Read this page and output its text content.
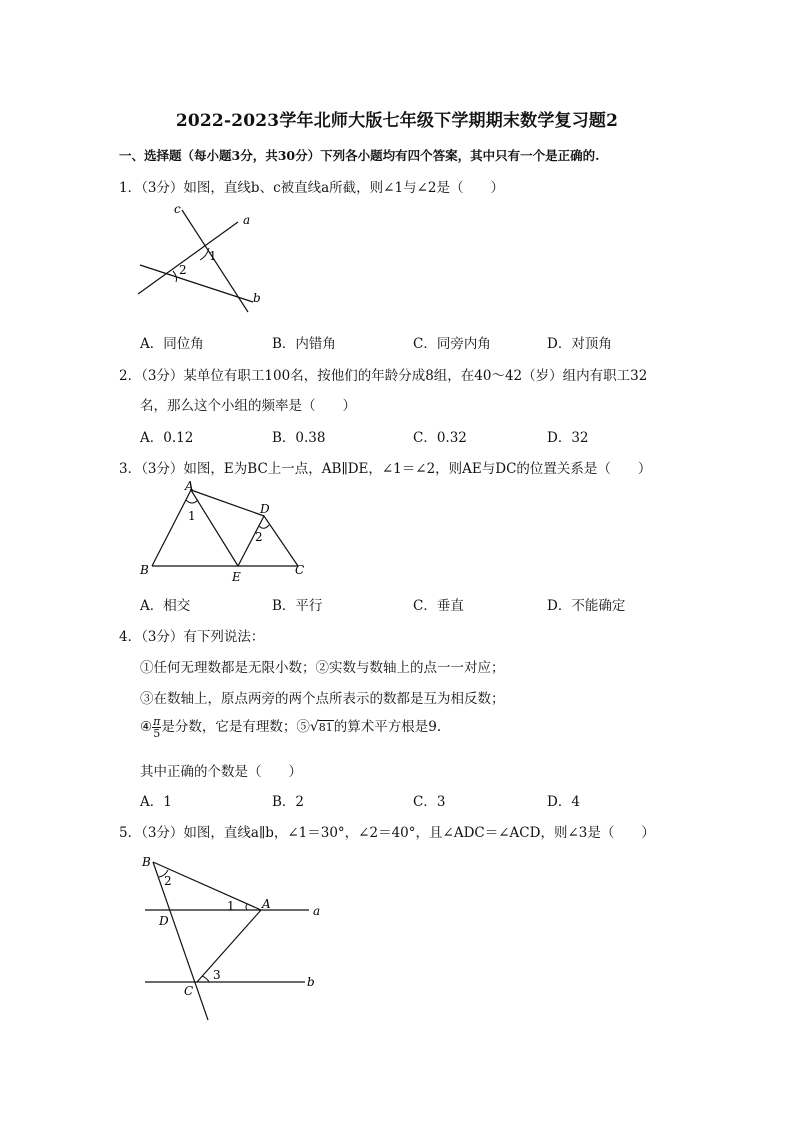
2022-2023学年北师大版七年级下学期期末数学复习题2
一、选择题（每小题3分，共30分）下列各小题均有四个答案，其中只有一个是正确的.
1．（3分）如图，直线b、c被直线a所截，则∠1与∠2是（　　）
c
a
b
1
2
A．同位角	B．内错角	C．同旁内角	D．对顶角
2．（3分）某单位有职工100名，按他们的年龄分成8组，在40～42（岁）组内有职工32
名，那么这个小组的频率是（　　）
A．0.12	B．0.38	C．0.32	D．32
3．（3分）如图，E为BC上一点，AB∥DE，∠1＝∠2，则AE与DC的位置关系是（　　）
A
B	C
D
E
1
2
A．相交	B．平行	C．垂直	D．不能确定
4．（3分）有下列说法：
①任何无理数都是无限小数；②实数与数轴上的点一一对应；
③在数轴上，原点两旁的两个点所表示的数都是互为相反数；
④ $\frac{\pi}{5}$ 是分数，它是有理数；⑤√81的算术平方根是9.
其中正确的个数是（　　）
A．1	B．2	C．3	D．4
5．（3分）如图，直线a∥b，∠1＝30°，∠2＝40°，且∠ADC＝∠ACD，则∠3是（　　）
B
2
1 A	a
D
3
C
b
